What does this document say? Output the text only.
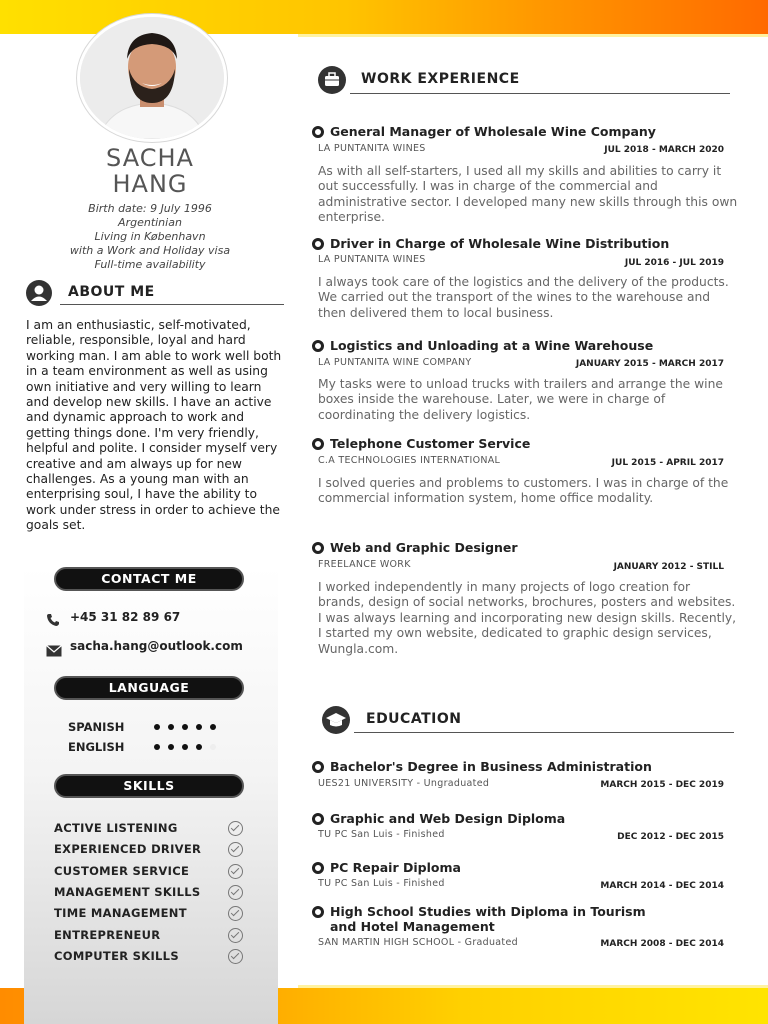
SACHA
HANG
Birth date: 9 July 1996
Argentinian
Living in København
with a Work and Holiday visa
Full-time availability
ABOUT ME

I am an enthusiastic, self-motivated, reliable, responsible, loyal and hard working man. I am able to work well both in a team environment as well as using own initiative and very willing to learn and develop new skills. I have an active and dynamic approach to work and getting things done. I'm very friendly, helpful and polite. I consider myself very creative and am always up for new challenges. As a young man with an enterprising soul, I have the ability to work under stress in order to achieve the goals set.

CONTACT ME
+45 31 82 89 67
sacha.hang@outlook.com
LANGUAGE
SPANISH
ENGLISH
SKILLS
ACTIVE LISTENING
EXPERIENCED DRIVER
CUSTOMER SERVICE
MANAGEMENT SKILLS
TIME MANAGEMENT
ENTREPRENEUR
COMPUTER SKILLS
WORK EXPERIENCE
General Manager of Wholesale Wine Company
LA PUNTANITA WINES	JUL 2018 - MARCH 2020

As with all self-starters, I used all my skills and abilities to carry it out successfully. I was in charge of the commercial and administrative sector. I developed many new skills through this own enterprise.

Driver in Charge of Wholesale Wine Distribution
LA PUNTANITA WINES	JUL 2016 - JUL 2019

I always took care of the logistics and the delivery of the products. We carried out the transport of the wines to the warehouse and then delivered them to local business.

Logistics and Unloading at a Wine Warehouse
LA PUNTANITA WINE COMPANY	JANUARY 2015 - MARCH 2017

My tasks were to unload trucks with trailers and arrange the wine boxes inside the warehouse. Later, we were in charge of coordinating the delivery logistics.

Telephone Customer Service
C.A TECHNOLOGIES INTERNATIONAL	JUL 2015 - APRIL 2017

I solved queries and problems to customers. I was in charge of the commercial information system, home office modality.

Web and Graphic Designer
FREELANCE WORK	JANUARY 2012 - STILL

I worked independently in many projects of logo creation for brands, design of social networks, brochures, posters and websites. I was always learning and incorporating new design skills. Recently, I started my own website, dedicated to graphic design services, Wungla.com.

EDUCATION
Bachelor's Degree in Business Administration
UES21 UNIVERSITY - Ungraduated	MARCH 2015 - DEC 2019
Graphic and Web Design Diploma
TU PC San Luis - Finished	DEC 2012 - DEC 2015
PC Repair Diploma
TU PC San Luis - Finished	MARCH 2014 - DEC 2014
High School Studies with Diploma in Tourism
and Hotel Management
SAN MARTIN HIGH SCHOOL - Graduated	MARCH 2008 - DEC 2014
